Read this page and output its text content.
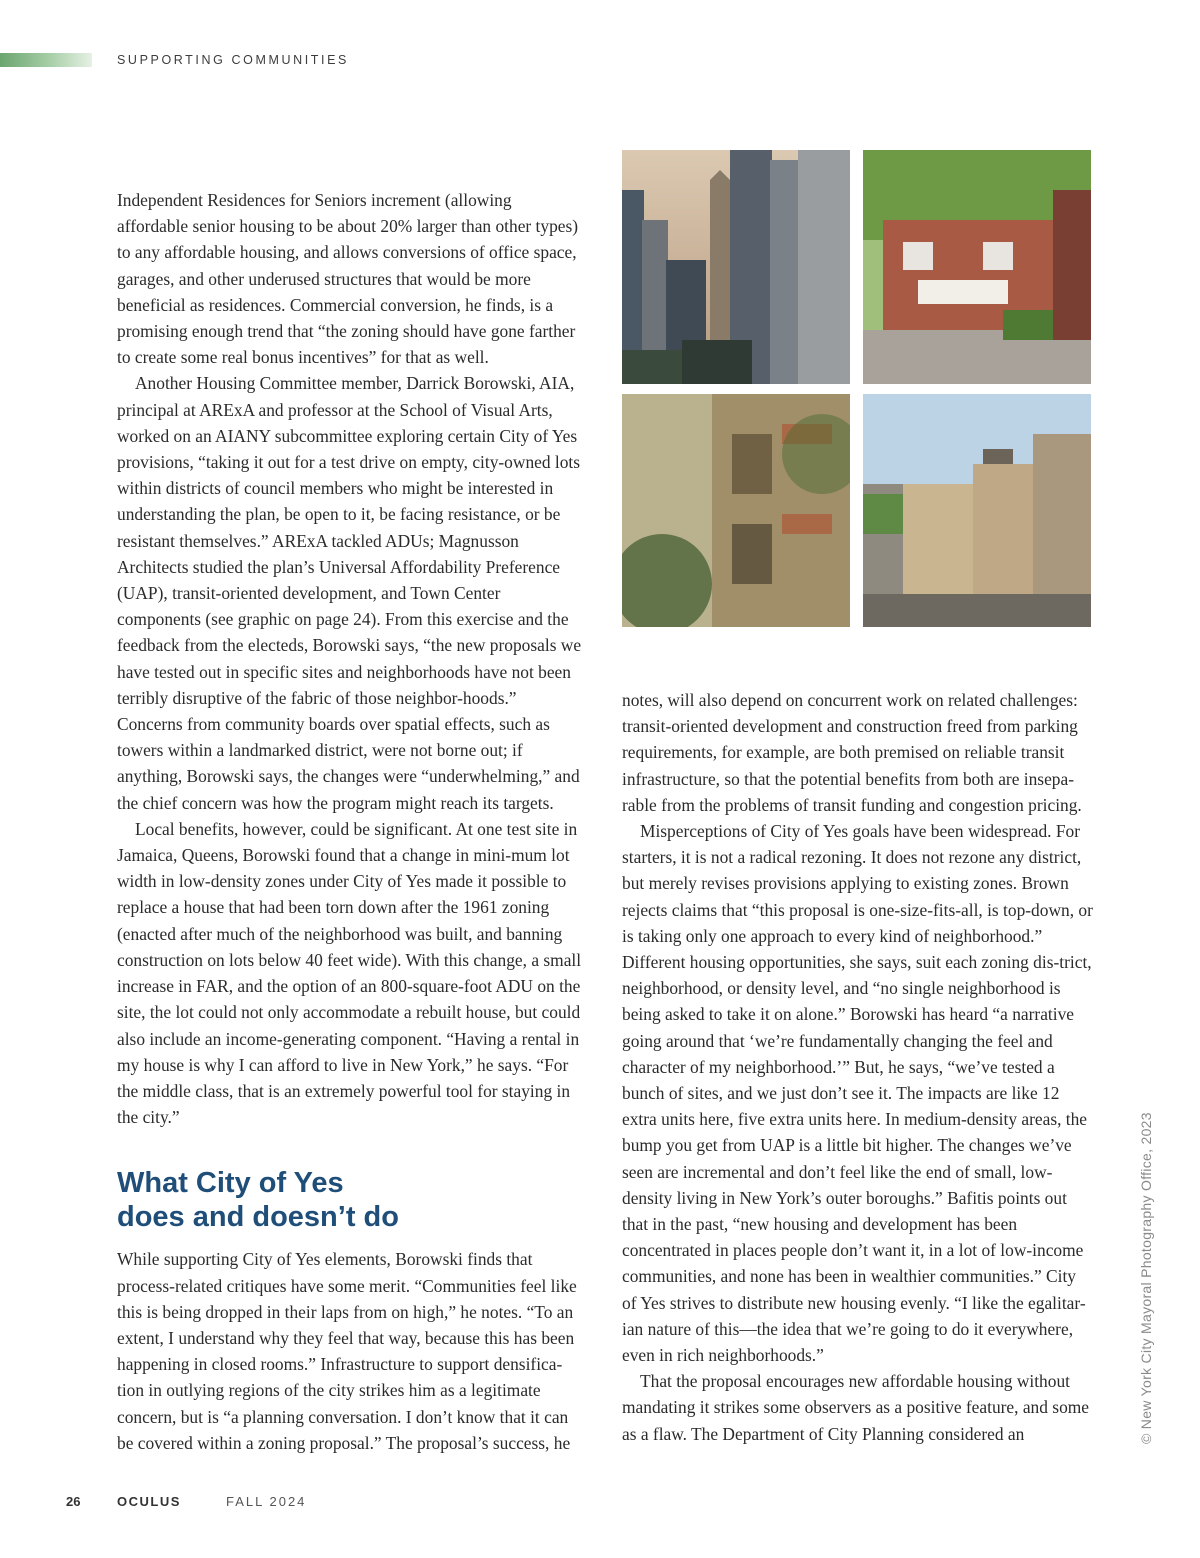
SUPPORTING COMMUNITIES

Independent Residences for Seniors increment (allowing affordable senior housing to be about 20% larger than other types) to any affordable housing, and allows conversions of office space, garages, and other underused structures that would be more beneficial as residences. Commercial conversion, he finds, is a promising enough trend that “the zoning should have gone farther to create some real bonus incentives” for that as well.

Another Housing Committee member, Darrick Borowski, AIA, principal at ARExA and professor at the School of Visual Arts, worked on an AIANY subcommittee exploring certain City of Yes provisions, “taking it out for a test drive on empty, city-owned lots within districts of council members who might be interested in understanding the plan, be open to it, be facing resistance, or be resistant themselves.” ARExA tackled ADUs; Magnusson Architects studied the plan’s Universal Affordability Preference (UAP), transit-oriented development, and Town Center components (see graphic on page 24). From this exercise and the feedback from the electeds, Borowski says, “the new proposals we have tested out in specific sites and neighborhoods have not been terribly disruptive of the fabric of those neighbor-hoods.” Concerns from community boards over spatial effects, such as towers within a landmarked district, were not borne out; if anything, Borowski says, the changes were “underwhelming,” and the chief concern was how the program might reach its targets.

Local benefits, however, could be significant. At one test site in Jamaica, Queens, Borowski found that a change in mini-mum lot width in low-density zones under City of Yes made it possible to replace a house that had been torn down after the 1961 zoning (enacted after much of the neighborhood was built, and banning construction on lots below 40 feet wide). With this change, a small increase in FAR, and the option of an 800-square-foot ADU on the site, the lot could not only accommodate a rebuilt house, but could also include an income-generating component. “Having a rental in my house is why I can afford to live in New York,” he says. “For the middle class, that is an extremely powerful tool for staying in the city.”

What City of Yes
does and doesn’t do

While supporting City of Yes elements, Borowski finds that process-related critiques have some merit. “Communities feel like this is being dropped in their laps from on high,” he notes. “To an extent, I understand why they feel that way, because this has been happening in closed rooms.” Infrastructure to support densifica-tion in outlying regions of the city strikes him as a legitimate concern, but is “a planning conversation. I don’t know that it can be covered within a zoning proposal.” The proposal’s success, he

notes, will also depend on concurrent work on related challenges: transit-oriented development and construction freed from parking requirements, for example, are both premised on reliable transit infrastructure, so that the potential benefits from both are insepa-rable from the problems of transit funding and congestion pricing.

Misperceptions of City of Yes goals have been widespread. For starters, it is not a radical rezoning. It does not rezone any district, but merely revises provisions applying to existing zones. Brown rejects claims that “this proposal is one-size-fits-all, is top-down, or is taking only one approach to every kind of neighborhood.” Different housing opportunities, she says, suit each zoning dis-trict, neighborhood, or density level, and “no single neighborhood is being asked to take it on alone.” Borowski has heard “a narrative going around that ‘we’re fundamentally changing the feel and character of my neighborhood.’” But, he says, “we’ve tested a bunch of sites, and we just don’t see it. The impacts are like 12 extra units here, five extra units here. In medium-density areas, the bump you get from UAP is a little bit higher. The changes we’ve seen are incremental and don’t feel like the end of small, low-density living in New York’s outer boroughs.” Bafitis points out that in the past, “new housing and development has been concentrated in places people don’t want it, in a lot of low-income communities, and none has been in wealthier communities.” City of Yes strives to distribute new housing evenly. “I like the egalitar-ian nature of this—the idea that we’re going to do it everywhere, even in rich neighborhoods.”

That the proposal encourages new affordable housing without mandating it strikes some observers as a positive feature, and some as a flaw. The Department of City Planning considered an	© New York City Mayoral Photography Office, 2023
26	OCULUS	FALL 2024
